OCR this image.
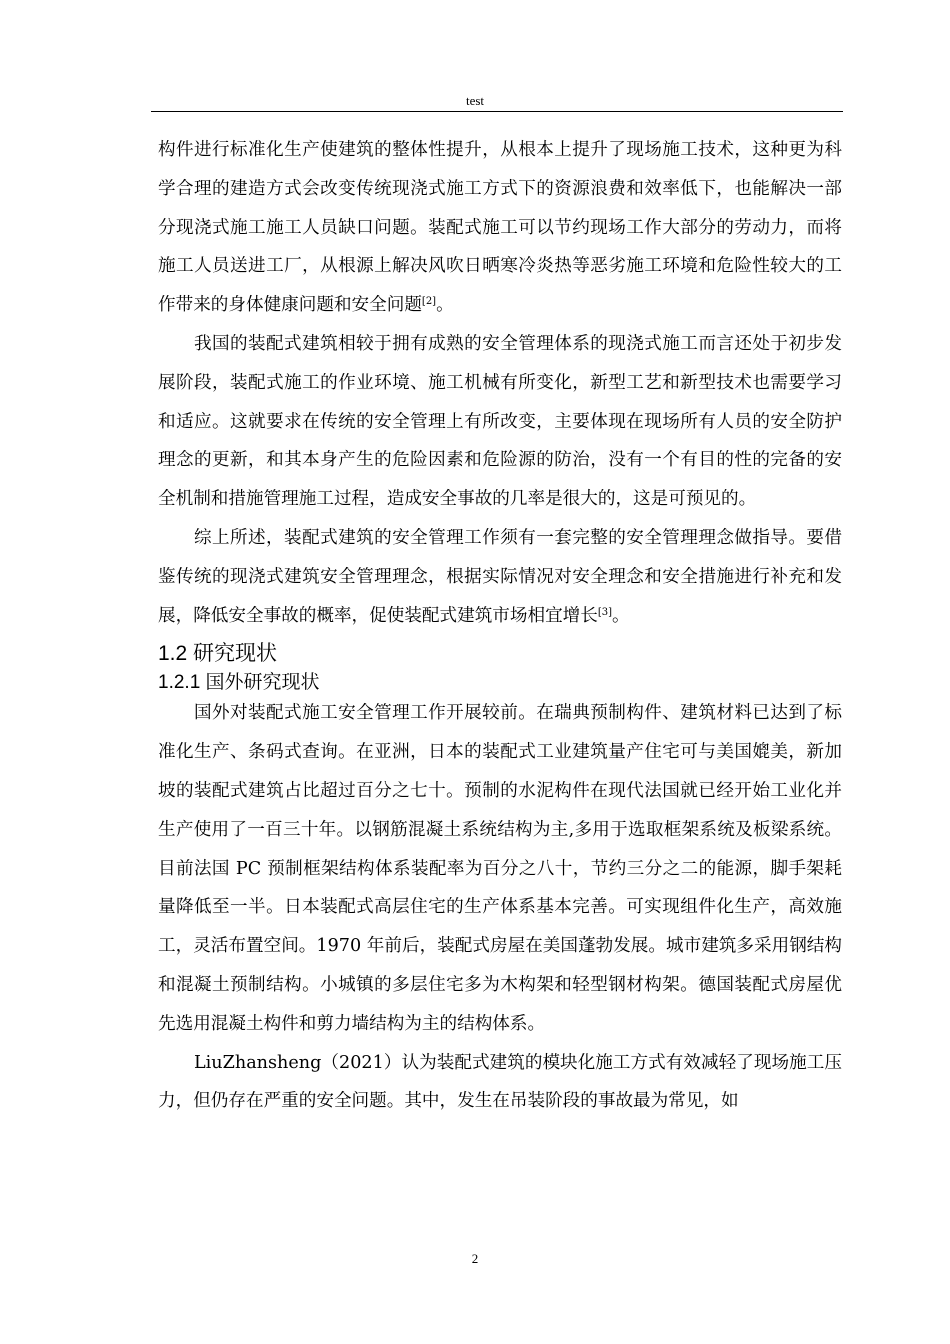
test

构件进行标准化生产使建筑的整体性提升，从根本上提升了现场施工技术，这种更为科学合理的建造方式会改变传统现浇式施工方式下的资源浪费和效率低下，也能解决一部分现浇式施工施工人员缺口问题。装配式施工可以节约现场工作大部分的劳动力，而将施工人员送进工厂，从根源上解决风吹日晒寒冷炎热等恶劣施工环境和危险性较大的工作带来的身体健康问题和安全问题[2]。

我国的装配式建筑相较于拥有成熟的安全管理体系的现浇式施工而言还处于初步发展阶段，装配式施工的作业环境、施工机械有所变化，新型工艺和新型技术也需要学习和适应。这就要求在传统的安全管理上有所改变，主要体现在现场所有人员的安全防护理念的更新，和其本身产生的危险因素和危险源的防治，没有一个有目的性的完备的安全机制和措施管理施工过程，造成安全事故的几率是很大的，这是可预见的。

综上所述，装配式建筑的安全管理工作须有一套完整的安全管理理念做指导。要借鉴传统的现浇式建筑安全管理理念，根据实际情况对安全理念和安全措施进行补充和发展，降低安全事故的概率，促使装配式建筑市场相宜增长[3]。

1.2 研究现状
1.2.1 国外研究现状

国外对装配式施工安全管理工作开展较前。在瑞典预制构件、建筑材料已达到了标准化生产、条码式查询。在亚洲，日本的装配式工业建筑量产住宅可与美国媲美，新加坡的装配式建筑占比超过百分之七十。预制的水泥构件在现代法国就已经开始工业化并生产使用了一百三十年。以钢筋混凝土系统结构为主,多用于选取框架系统及板梁系统。目前法国 PC 预制框架结构体系装配率为百分之八十，节约三分之二的能源，脚手架耗量降低至一半。日本装配式高层住宅的生产体系基本完善。可实现组件化生产，高效施工，灵活布置空间。1970 年前后，装配式房屋在美国蓬勃发展。城市建筑多采用钢结构和混凝土预制结构。小城镇的多层住宅多为木构架和轻型钢材构架。德国装配式房屋优先选用混凝土构件和剪力墙结构为主的结构体系。

LiuZhansheng（2021）认为装配式建筑的模块化施工方式有效减轻了现场施工压力，但仍存在严重的安全问题。其中，发生在吊装阶段的事故最为常见，如

2
